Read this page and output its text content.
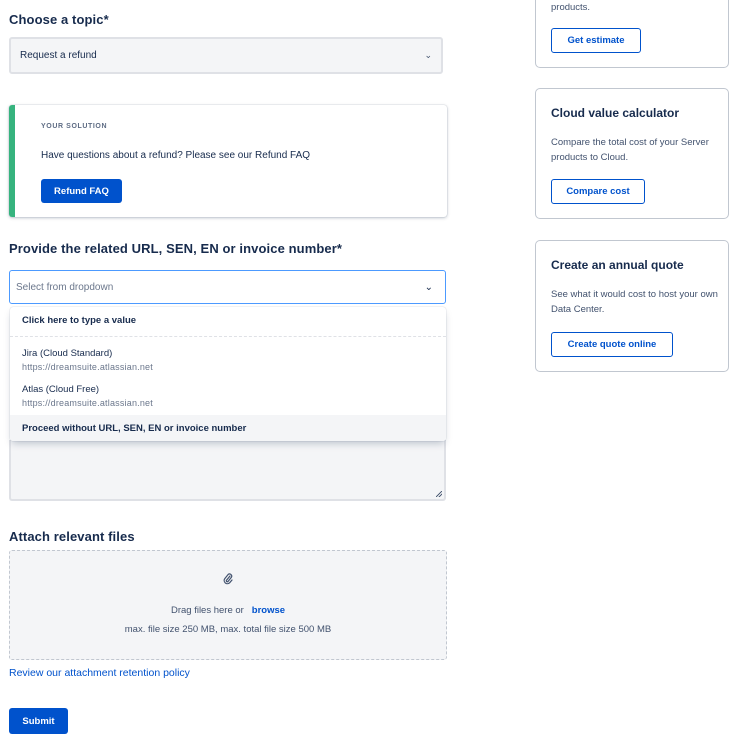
Choose a topic*
Request a refund	⌄
YOUR SOLUTION
Have questions about a refund? Please see our Refund FAQ
Refund FAQ
Provide the related URL, SEN, EN or invoice number*
Select from dropdown	⌄
Click here to type a value
Jira (Cloud Standard)
https://dreamsuite.atlassian.net
Atlas (Cloud Free)
https://dreamsuite.atlassian.net
Proceed without URL, SEN, EN or invoice number
Attach relevant files
Drag files here or browse
max. file size 250 MB, max. total file size 500 MB
Review our attachment retention policy
Submit
products.
Get estimate
Cloud value calculator
Compare the total cost of your Server products to Cloud.
Compare cost
Create an annual quote
See what it would cost to host your own Data Center.
Create quote online
